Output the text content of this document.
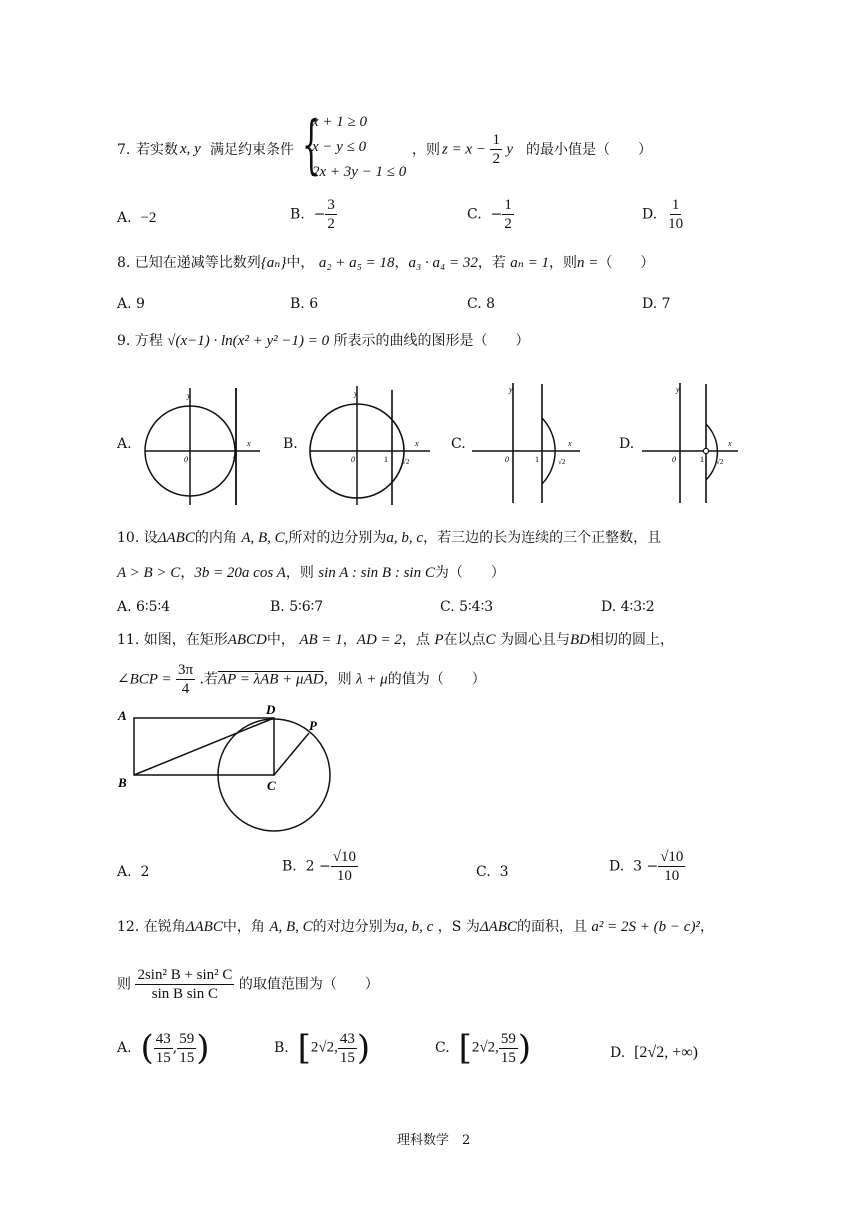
7. 若实数 x, y 满足约束条件 {
x + 1 ≥ 0
x − y ≤ 0
2x + 3y − 1 ≤ 0
，则 $z = x - \frac{1}{2}$ y 的最小值是（　　）
A. −2	B. − $\frac{3}{2}$	C. − $\frac{1}{2}$	D. $\frac{1}{10}$
8. 已知在递减等比数列{aₙ}中， a₂ + a₅ = 18，a₃ · a₄ = 32，若 aₙ = 1，则n =（　　）
A. 9	B. 6	C. 8	D. 7
9. 方程 √(x−1) · ln(x² + y² −1) = 0 所表示的曲线的图形是（　　）
A.	B.	C.	D.
y
x
0	1
y
x
0	1 √2
y
x
0	1	√2
y
x
0	1 √2
10. 设ΔABC的内角 A, B, C,所对的边分别为a, b, c，若三边的长为连续的三个正整数，且
A > B > C，3b = 20a cos A，则 sin A : sin B : sin C为（　　）
A. 6∶5∶4	B. 5∶6∶7	C. 5∶4∶3	D. 4∶3∶2
11. 如图，在矩形ABCD中， AB = 1，AD = 2，点 P在以点C 为圆心且与BD相切的圆上，
∠BCP = $\frac{3\pi}{4}$ .若AP = λAB + μAD，则 λ + μ的值为（　　）
A
B	C
D
P
A. 2	B. $2 - \frac{√10}{10}$	C. 3	D. $3 - \frac{√10}{10}$
12. 在锐角ΔABC中，角 A, B, C的对边分别为a, b, c ，S 为ΔABC的面积，且 a² = 2S + (b − c)²，
则 $\frac{\text{2sin² B + sin² C}}{\text{sin B sin C}}$ 的取值范围为（　　）
A. ( $\frac{43}{15}$ , $\frac{59}{15}$ )	B. [2√2, $\frac{43}{15}$ )	C. [2√2, $\frac{59}{15}$ )	D. [2√2, +∞)
理科数学　2
